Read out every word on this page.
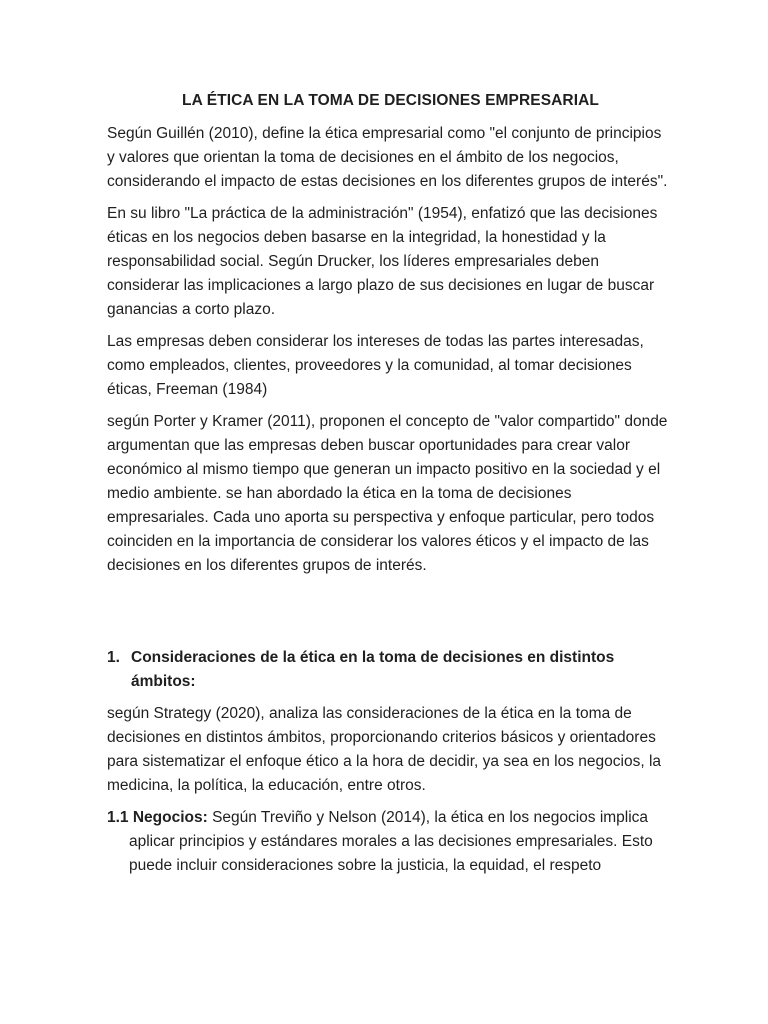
LA ÉTICA EN LA TOMA DE DECISIONES EMPRESARIAL

Según Guillén (2010), define la ética empresarial como "el conjunto de principios y valores que orientan la toma de decisiones en el ámbito de los negocios, considerando el impacto de estas decisiones en los diferentes grupos de interés".

En su libro "La práctica de la administración" (1954), enfatizó que las decisiones éticas en los negocios deben basarse en la integridad, la honestidad y la responsabilidad social. Según Drucker, los líderes empresariales deben considerar las implicaciones a largo plazo de sus decisiones en lugar de buscar ganancias a corto plazo.

Las empresas deben considerar los intereses de todas las partes interesadas, como empleados, clientes, proveedores y la comunidad, al tomar decisiones éticas, Freeman (1984)

según Porter y Kramer (2011), proponen el concepto de "valor compartido" donde argumentan que las empresas deben buscar oportunidades para crear valor económico al mismo tiempo que generan un impacto positivo en la sociedad y el medio ambiente. se han abordado la ética en la toma de decisiones empresariales. Cada uno aporta su perspectiva y enfoque particular, pero todos coinciden en la importancia de considerar los valores éticos y el impacto de las decisiones en los diferentes grupos de interés.

1. Consideraciones de la ética en la toma de decisiones en distintos ámbitos:

según Strategy (2020), analiza las consideraciones de la ética en la toma de decisiones en distintos ámbitos, proporcionando criterios básicos y orientadores para sistematizar el enfoque ético a la hora de decidir, ya sea en los negocios, la medicina, la política, la educación, entre otros.

1.1 Negocios: Según Treviño y Nelson (2014), la ética en los negocios implica aplicar principios y estándares morales a las decisiones empresariales. Esto puede incluir consideraciones sobre la justicia, la equidad, el respeto
